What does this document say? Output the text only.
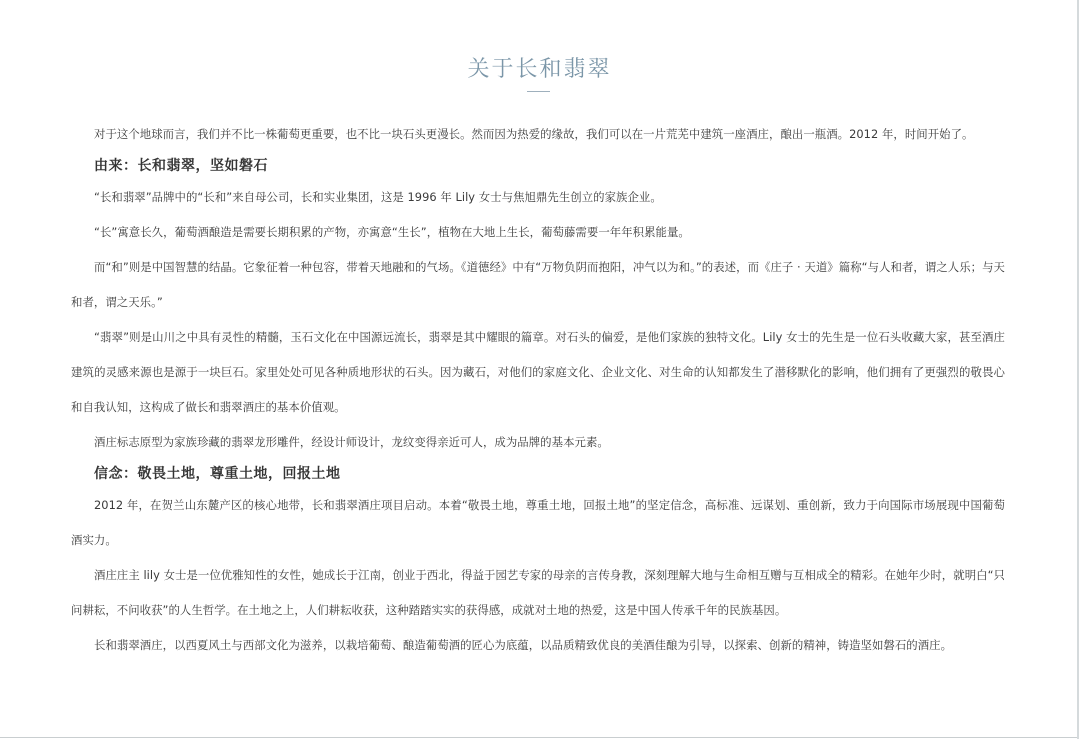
关于长和翡翠

对于这个地球而言，我们并不比一株葡萄更重要，也不比一块石头更漫长。然而因为热爱的缘故，我们可以在一片荒芜中建筑一座酒庄，酿出一瓶酒。2012 年，时间开始了。

由来：长和翡翠，坚如磐石

“长和翡翠”品牌中的“长和”来自母公司，长和实业集团，这是 1996 年 Lily 女士与焦旭鼎先生创立的家族企业。

“长”寓意长久，葡萄酒酿造是需要长期积累的产物，亦寓意“生长”，植物在大地上生长，葡萄藤需要一年年积累能量。

而“和”则是中国智慧的结晶。它象征着一种包容，带着天地融和的气场。《道德经》中有“万物负阴而抱阳，冲气以为和。”的表述，而《庄子 · 天道》篇称“与人和者，谓之人乐；与天和者，谓之天乐。”

“翡翠”则是山川之中具有灵性的精髓，玉石文化在中国源远流长，翡翠是其中耀眼的篇章。对石头的偏爱，是他们家族的独特文化。Lily 女士的先生是一位石头收藏大家，甚至酒庄建筑的灵感来源也是源于一块巨石。家里处处可见各种质地形状的石头。因为藏石，对他们的家庭文化、企业文化、对生命的认知都发生了潜移默化的影响，他们拥有了更强烈的敬畏心和自我认知，这构成了做长和翡翠酒庄的基本价值观。

酒庄标志原型为家族珍藏的翡翠龙形雕件，经设计师设计，龙纹变得亲近可人，成为品牌的基本元素。

信念：敬畏土地，尊重土地，回报土地

2012 年，在贺兰山东麓产区的核心地带，长和翡翠酒庄项目启动。本着“敬畏土地，尊重土地，回报土地”的坚定信念，高标准、远谋划、重创新，致力于向国际市场展现中国葡萄酒实力。

酒庄庄主 lily 女士是一位优雅知性的女性，她成长于江南，创业于西北，得益于园艺专家的母亲的言传身教，深刻理解大地与生命相互赠与互相成全的精彩。在她年少时，就明白“只问耕耘，不问收获”的人生哲学。在土地之上，人们耕耘收获，这种踏踏实实的获得感，成就对土地的热爱，这是中国人传承千年的民族基因。

长和翡翠酒庄，以西夏风土与西部文化为滋养，以栽培葡萄、酿造葡萄酒的匠心为底蕴，以品质精致优良的美酒佳酿为引导，以探索、创新的精神，铸造坚如磐石的酒庄。
